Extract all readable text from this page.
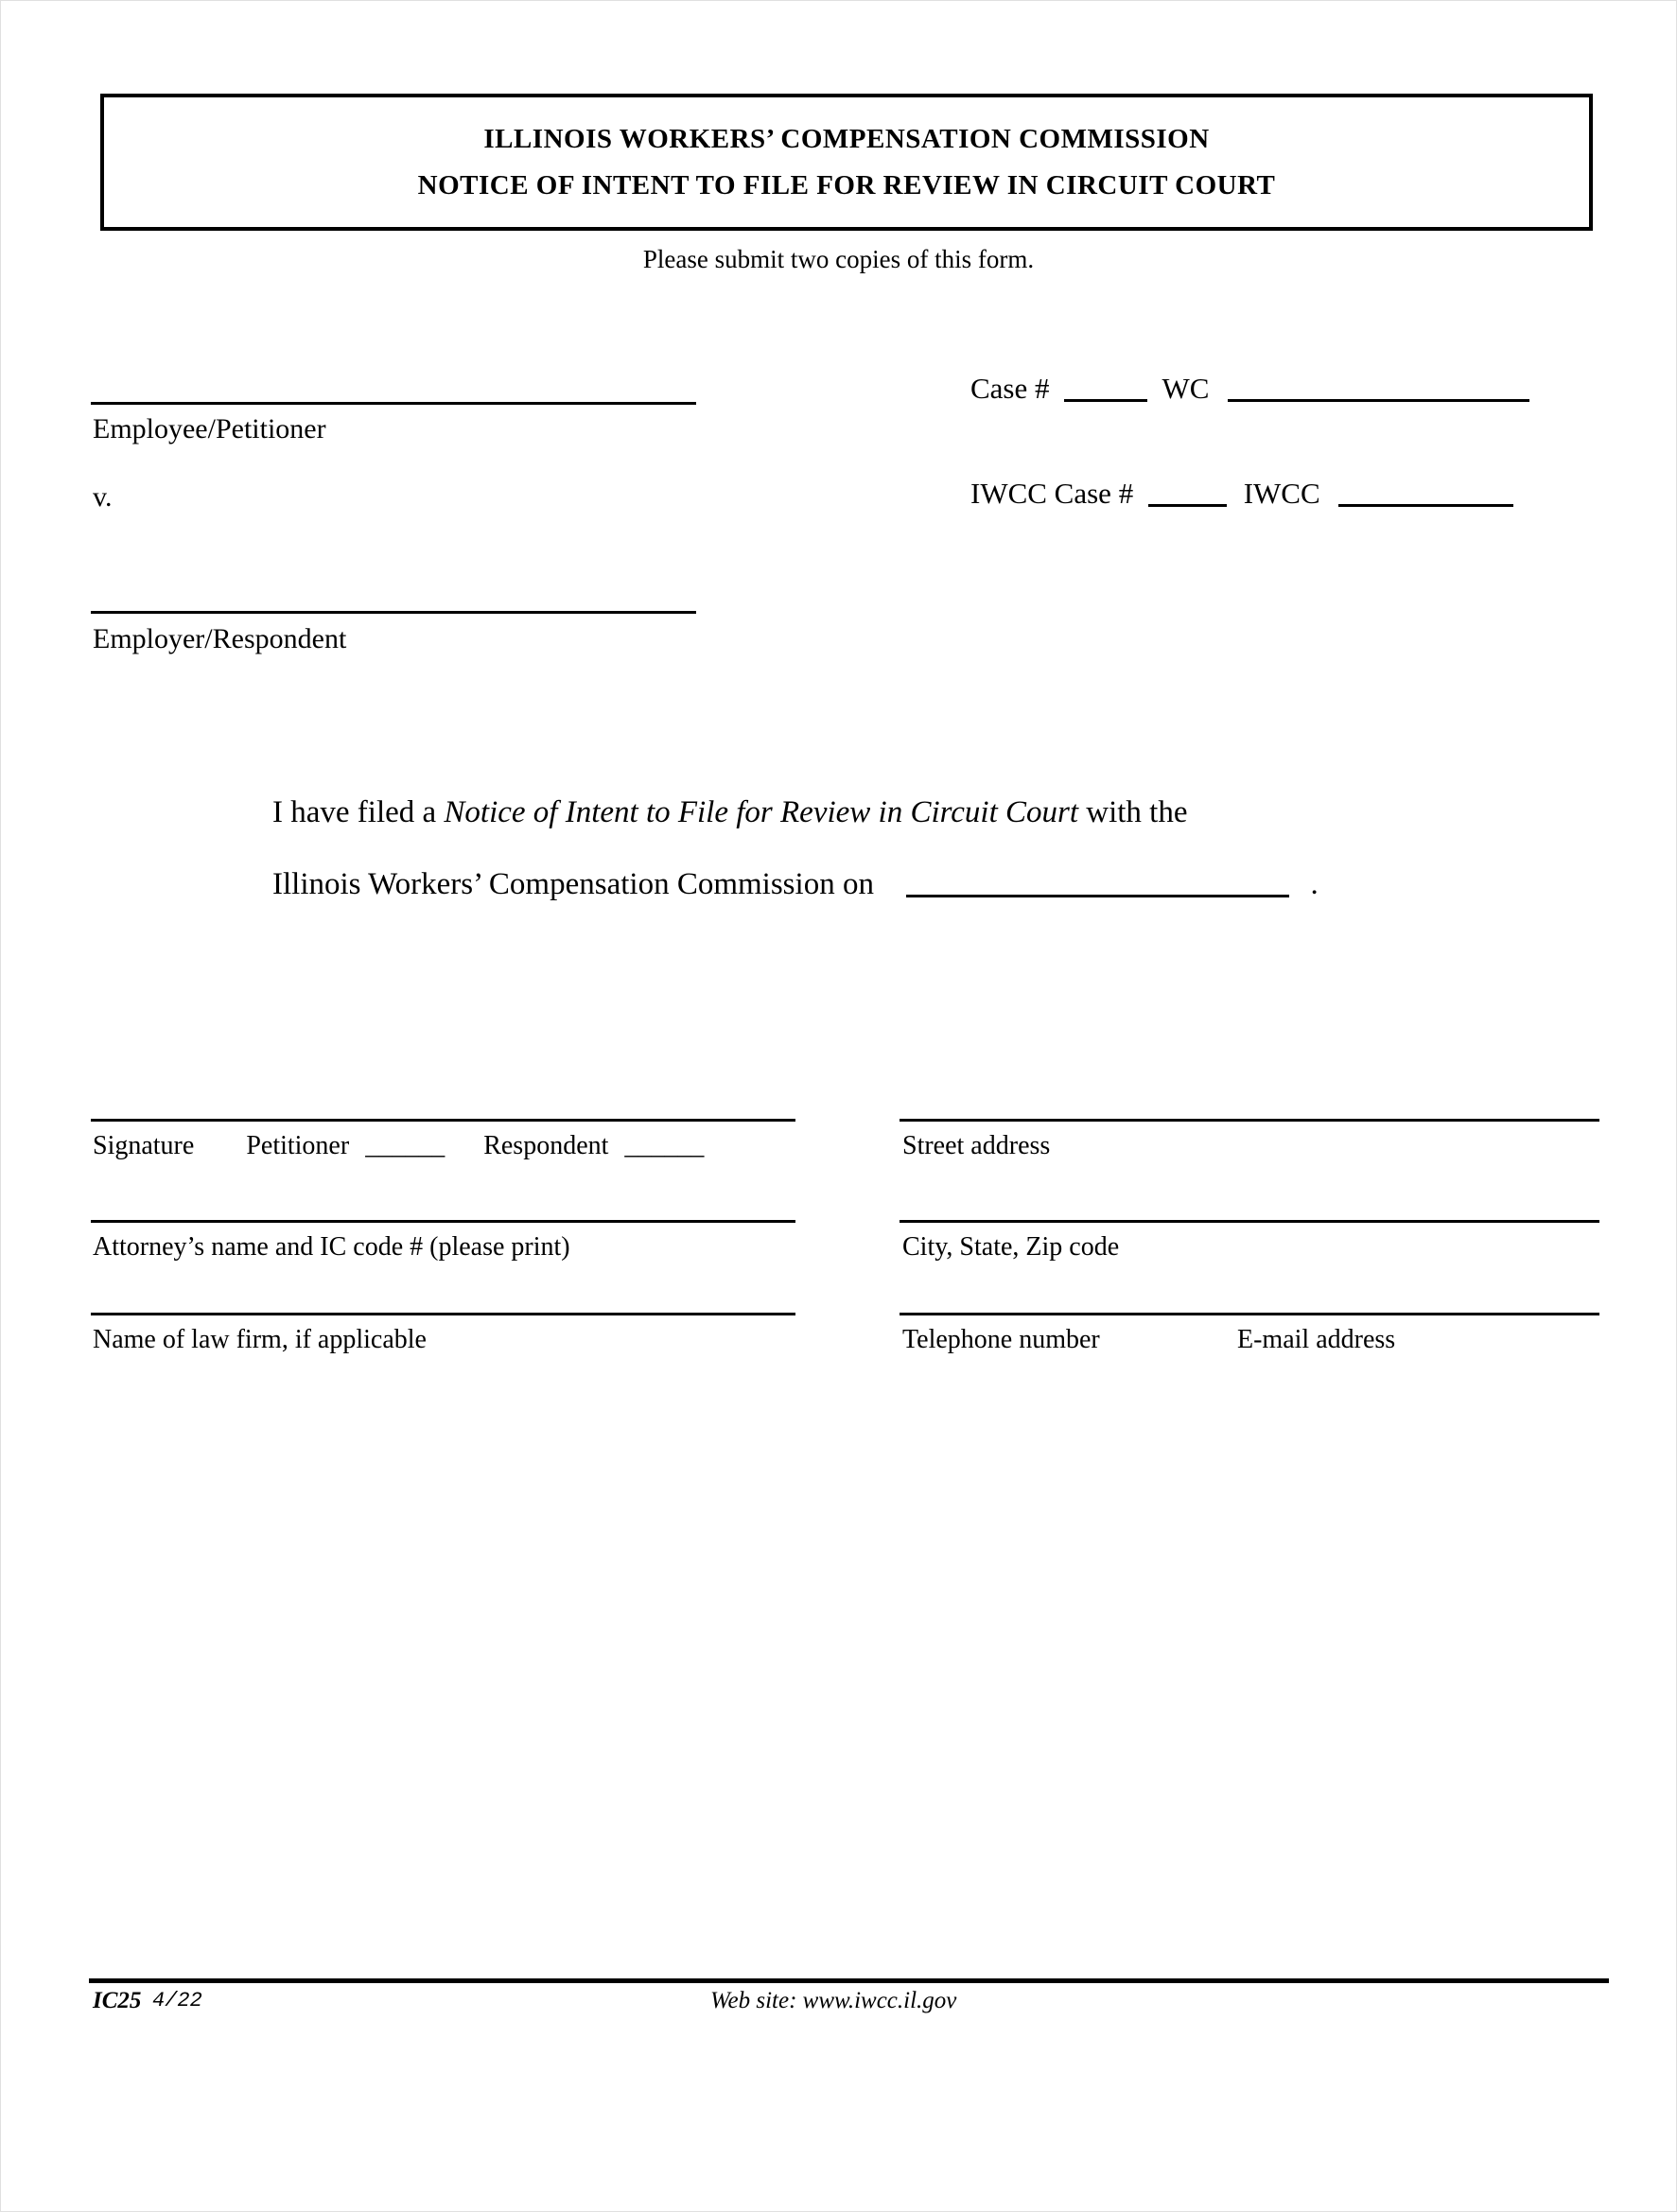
ILLINOIS WORKERS’ COMPENSATION COMMISSION
NOTICE OF INTENT TO FILE FOR REVIEW IN CIRCUIT COURT
Please submit two copies of this form.
Employee/Petitioner
v.
Employer/Respondent
Case #	WC
IWCC Case #	IWCC
I have filed a Notice of Intent to File for Review in Circuit Court with the
Illinois Workers’ Compensation Commission on	.
Signature Petitioner ______ Respondent ______
Attorney’s name and IC code # (please print)
Name of law firm, if applicable
Street address
City, State, Zip code
Telephone number	E-mail address
IC25 4/22	Web site: www.iwcc.il.gov
